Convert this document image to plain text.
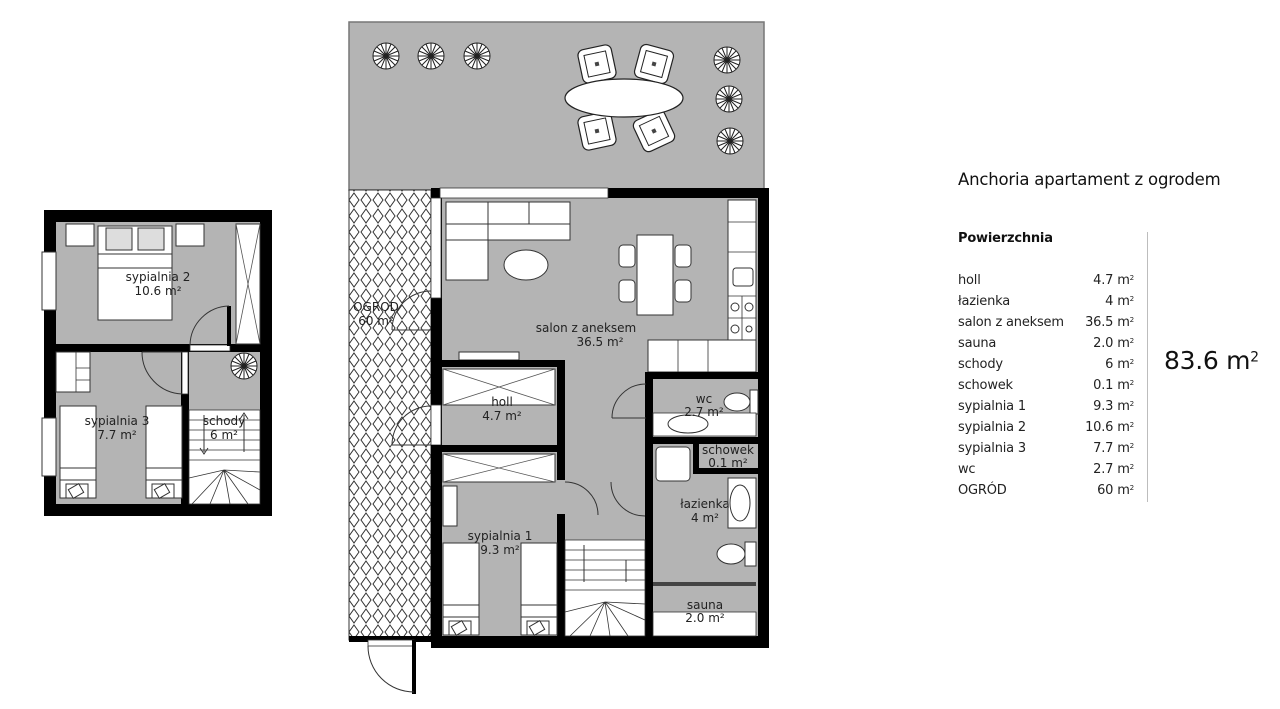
sypialnia 2
10.6 m²
sypialnia 3
7.7 m²
schody
6 m²
OGROD
60 m²	salon z aneksem
36.5 m²
holl
4.7 m²
wc
2.7 m²
schowek
0.1 m²
łazienka
4 m²
sypialnia 1
9.3 m²
sauna
2.0 m²
Anchoria apartament z ogrodem
Powierzchnia
holl	4.7 $m^2$
łazienka	4 $m^2$
salon z aneksem 36.5 $m^2$
sauna	2.0 $m^2$
schody	6 $m^2$
schowek	0.1 $m^2$
sypialnia 1	9.3 $m^2$
sypialnia 2	10.6 $m^2$
sypialnia 3	7.7 $m^2$
wc	2.7 $m^2$
OGRÓD	60 $m^2$
83.6 $m^2$
